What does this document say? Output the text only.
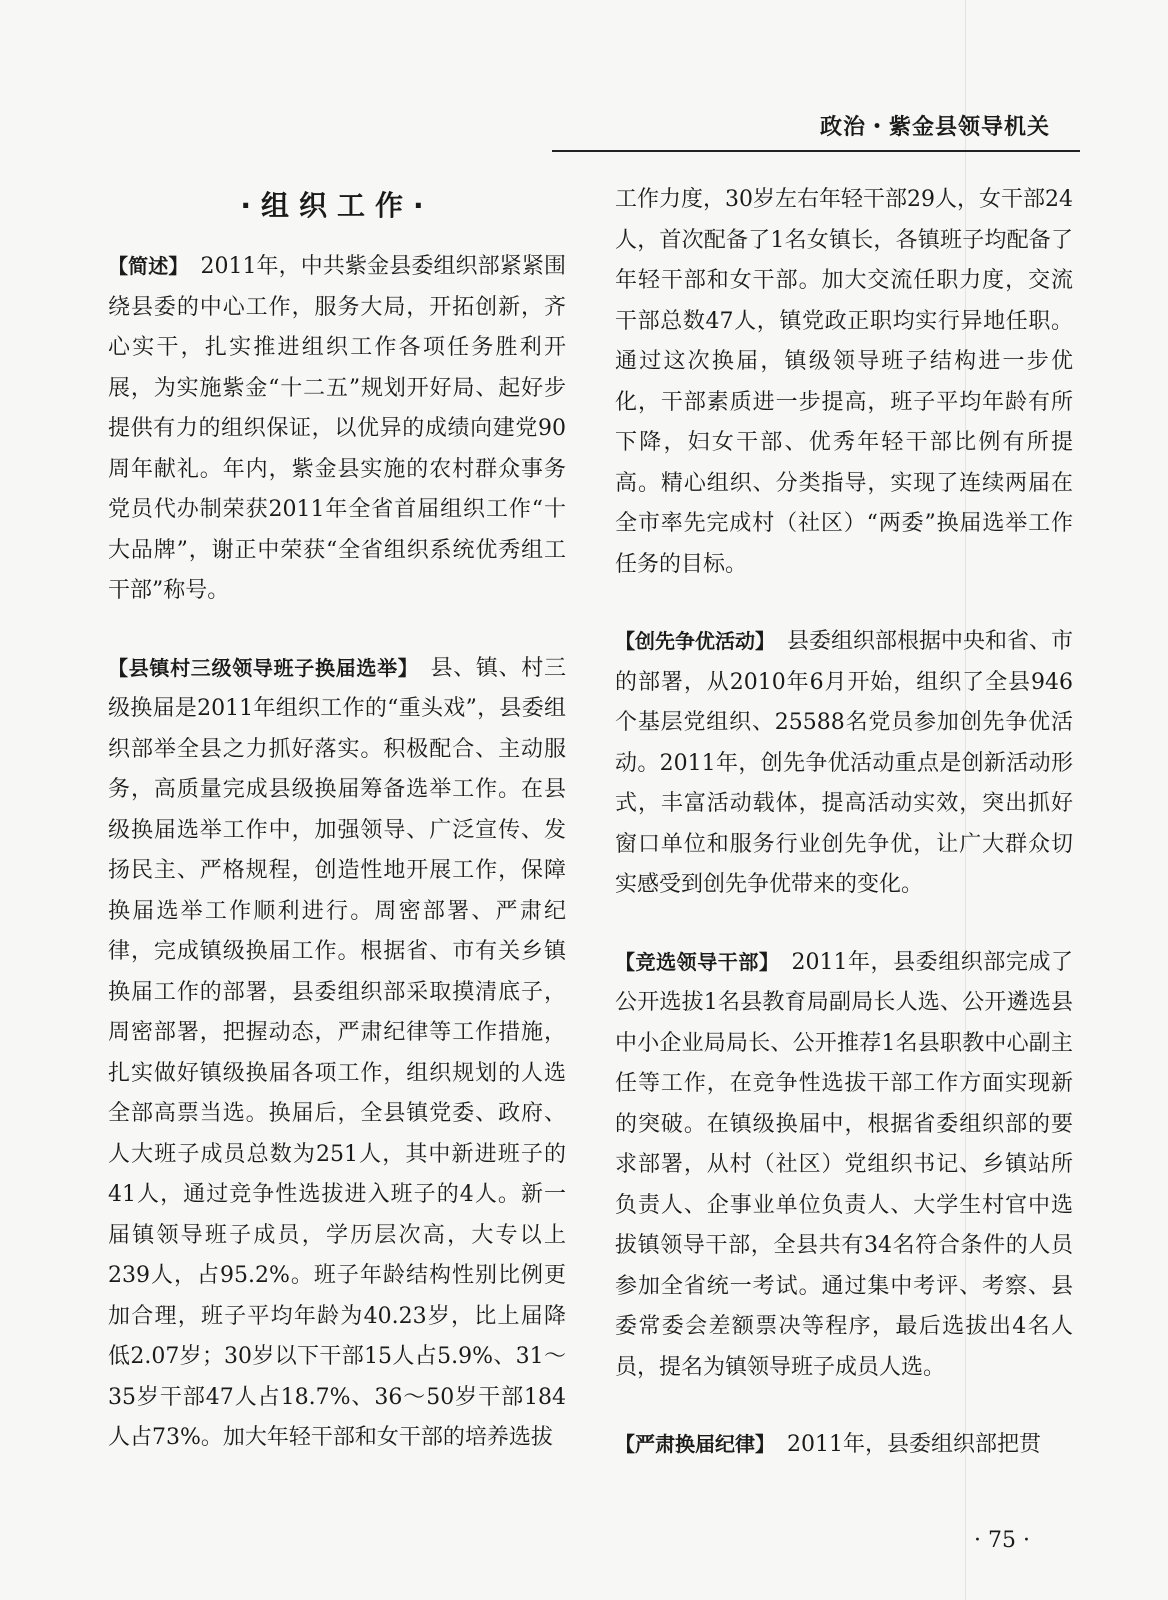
政治・紫金县领导机关
·组织工作·

【简述】 2011年，中共紫金县委组织部紧紧围绕县委的中心工作，服务大局，开拓创新，齐心实干，扎实推进组织工作各项任务胜利开展，为实施紫金“十二五”规划开好局、起好步提供有力的组织保证，以优异的成绩向建党90周年献礼。年内，紫金县实施的农村群众事务党员代办制荣获2011年全省首届组织工作“十大品牌”，谢正中荣获“全省组织系统优秀组工干部”称号。

【县镇村三级领导班子换届选举】 县、镇、村三级换届是2011年组织工作的“重头戏”，县委组织部举全县之力抓好落实。积极配合、主动服务，高质量完成县级换届筹备选举工作。在县级换届选举工作中，加强领导、广泛宣传、发扬民主、严格规程，创造性地开展工作，保障换届选举工作顺利进行。周密部署、严肃纪律，完成镇级换届工作。根据省、市有关乡镇换届工作的部署，县委组织部采取摸清底子，周密部署，把握动态，严肃纪律等工作措施，扎实做好镇级换届各项工作，组织规划的人选全部高票当选。换届后，全县镇党委、政府、人大班子成员总数为251人，其中新进班子的41人，通过竞争性选拔进入班子的4人。新一届镇领导班子成员，学历层次高，大专以上239人，占95.2%。班子年龄结构性别比例更加合理，班子平均年龄为40.23岁，比上届降低2.07岁；30岁以下干部15人占5.9%、31～35岁干部47人占18.7%、36～50岁干部184人占73%。加大年轻干部和女干部的培养选拔

工作力度，30岁左右年轻干部29人，女干部24人，首次配备了1名女镇长，各镇班子均配备了年轻干部和女干部。加大交流任职力度，交流干部总数47人，镇党政正职均实行异地任职。通过这次换届，镇级领导班子结构进一步优化，干部素质进一步提高，班子平均年龄有所下降，妇女干部、优秀年轻干部比例有所提高。精心组织、分类指导，实现了连续两届在全市率先完成村（社区）“两委”换届选举工作任务的目标。

【创先争优活动】 县委组织部根据中央和省、市的部署，从2010年6月开始，组织了全县946个基层党组织、25588名党员参加创先争优活动。2011年，创先争优活动重点是创新活动形式，丰富活动载体，提高活动实效，突出抓好窗口单位和服务行业创先争优，让广大群众切实感受到创先争优带来的变化。

【竞选领导干部】 2011年，县委组织部完成了公开选拔1名县教育局副局长人选、公开遴选县中小企业局局长、公开推荐1名县职教中心副主任等工作，在竞争性选拔干部工作方面实现新的突破。在镇级换届中，根据省委组织部的要求部署，从村（社区）党组织书记、乡镇站所负责人、企事业单位负责人、大学生村官中选拔镇领导干部，全县共有34名符合条件的人员参加全省统一考试。通过集中考评、考察、县委常委会差额票决等程序，最后选拔出4名人员，提名为镇领导班子成员人选。

【严肃换届纪律】 2011年，县委组织部把贯

· 75 ·
